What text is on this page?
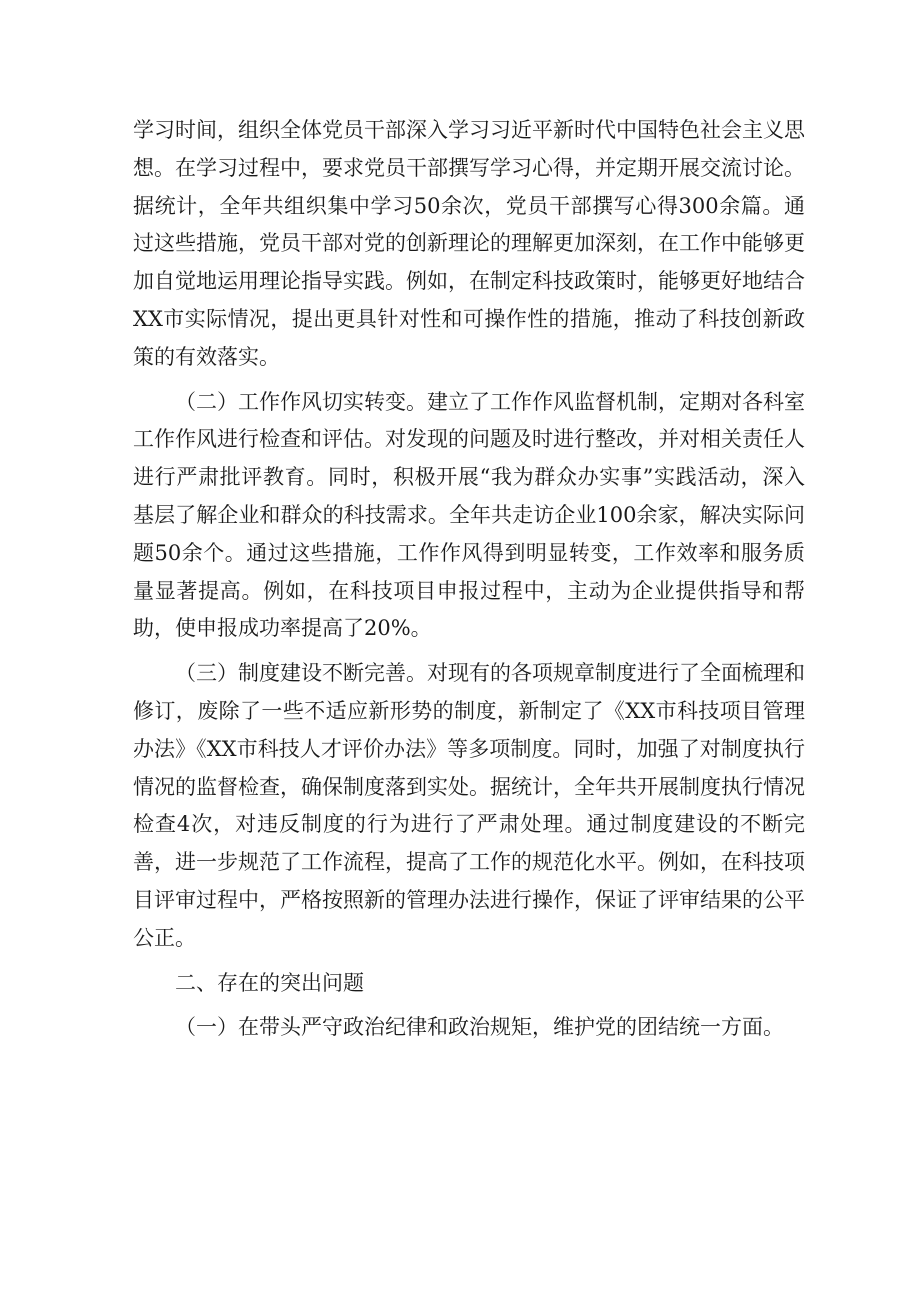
学习时间，组织全体党员干部深入学习习近平新时代中国特色社会主义思想。在学习过程中，要求党员干部撰写学习心得，并定期开展交流讨论。据统计，全年共组织集中学习50余次，党员干部撰写心得300余篇。通过这些措施，党员干部对党的创新理论的理解更加深刻，在工作中能够更加自觉地运用理论指导实践。例如，在制定科技政策时，能够更好地结合XX市实际情况，提出更具针对性和可操作性的措施，推动了科技创新政策的有效落实。

（二）工作作风切实转变。建立了工作作风监督机制，定期对各科室工作作风进行检查和评估。对发现的问题及时进行整改，并对相关责任人进行严肃批评教育。同时，积极开展“我为群众办实事”实践活动，深入基层了解企业和群众的科技需求。全年共走访企业100余家，解决实际问题50余个。通过这些措施，工作作风得到明显转变，工作效率和服务质量显著提高。例如，在科技项目申报过程中，主动为企业提供指导和帮助，使申报成功率提高了20%。

（三）制度建设不断完善。对现有的各项规章制度进行了全面梳理和修订，废除了一些不适应新形势的制度，新制定了《XX市科技项目管理办法》《XX市科技人才评价办法》等多项制度。同时，加强了对制度执行情况的监督检查，确保制度落到实处。据统计，全年共开展制度执行情况检查4次，对违反制度的行为进行了严肃处理。通过制度建设的不断完善，进一步规范了工作流程，提高了工作的规范化水平。例如，在科技项目评审过程中，严格按照新的管理办法进行操作，保证了评审结果的公平公正。

二、存在的突出问题

（一）在带头严守政治纪律和政治规矩，维护党的团结统一方面。
